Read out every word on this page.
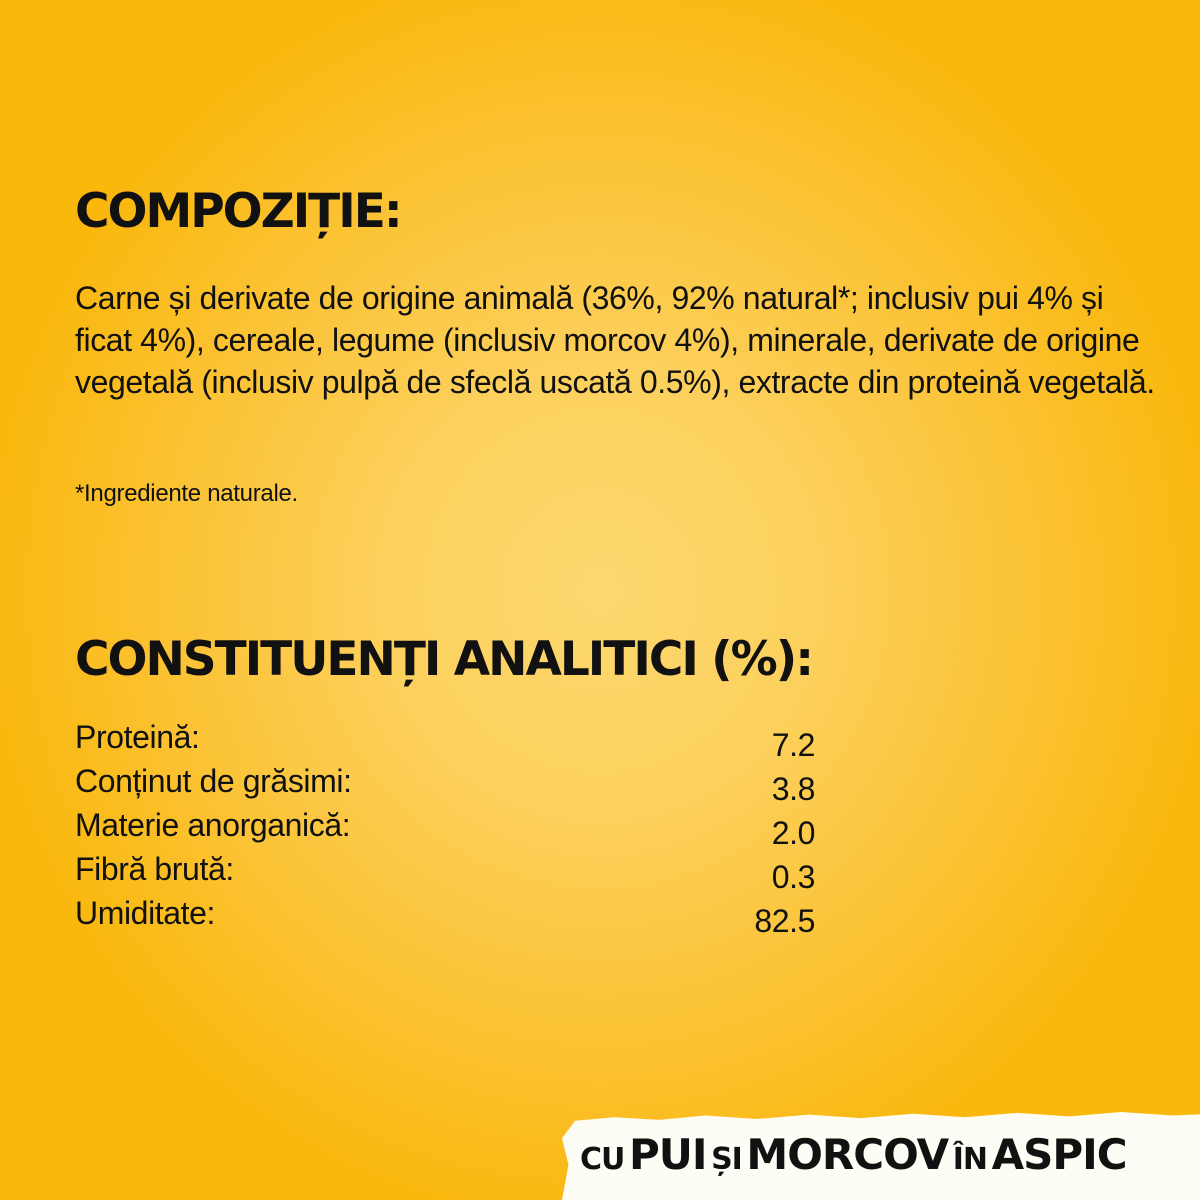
COMPOZIȚIE:

Carne și derivate de origine animală (36%, 92% natural*; inclusiv pui 4% și ficat 4%), cereale, legume (inclusiv morcov 4%), minerale, derivate de origine vegetală (inclusiv pulpă de sfeclă uscată 0.5%), extracte din proteină vegetală.

*Ingrediente naturale.

CONSTITUENȚI ANALITICI (%):
Proteină:	7.2
Conținut de grăsimi:	3.8
Materie anorganică:	2.0
Fibră brută:	0.3
Umiditate:	82.5
CU PUI ȘI MORCOV ÎN ASPIC
